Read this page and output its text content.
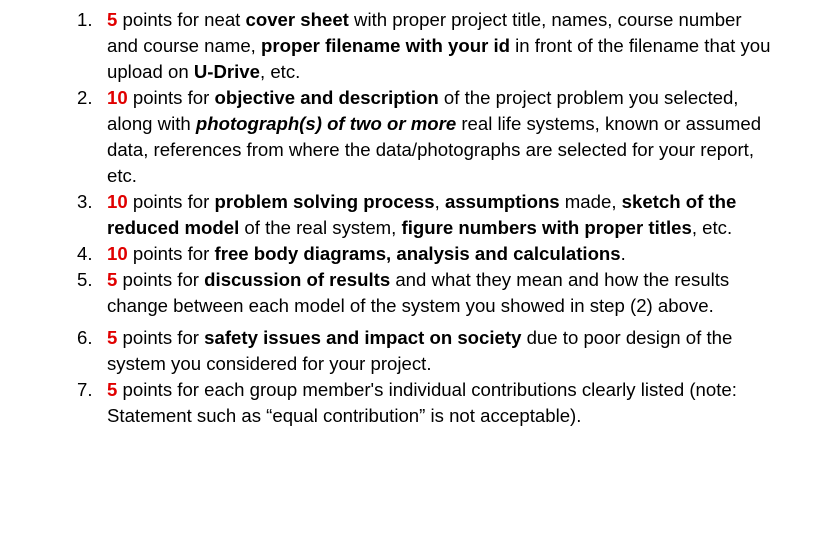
1. 5 points for neat cover sheet with proper project title, names, course number and course name, proper filename with your id in front of the filename that you upload on U-Drive, etc.
2. 10 points for objective and description of the project problem you selected, along with photograph(s) of two or more real life systems, known or assumed data, references from where the data/photographs are selected for your report, etc.
3. 10 points for problem solving process, assumptions made, sketch of the reduced model of the real system, figure numbers with proper titles, etc.
4. 10 points for free body diagrams, analysis and calculations.
5. 5 points for discussion of results and what they mean and how the results change between each model of the system you showed in step (2) above.
6. 5 points for safety issues and impact on society due to poor design of the system you considered for your project.
7. 5 points for each group member's individual contributions clearly listed (note: Statement such as “equal contribution” is not acceptable).
